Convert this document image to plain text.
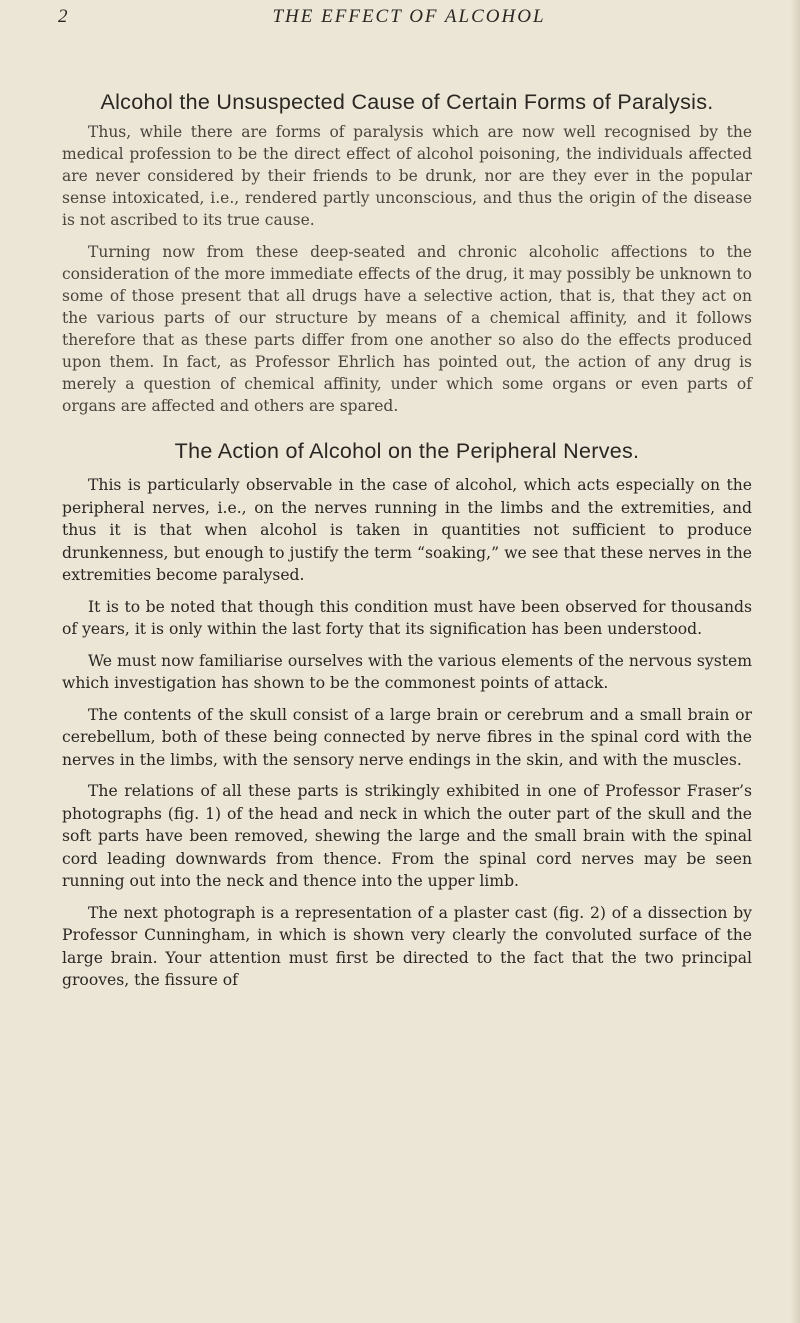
2	THE EFFECT OF ALCOHOL
Alcohol the Unsuspected Cause of Certain Forms of Paralysis.

Thus, while there are forms of paralysis which are now well recognised by the medical profession to be the direct effect of alcohol poisoning, the individuals affected are never considered by their friends to be drunk, nor are they ever in the popular sense intoxicated, i.e., rendered partly unconscious, and thus the origin of the disease is not ascribed to its true cause.

Turning now from these deep-seated and chronic alcoholic affections to the consideration of the more immediate effects of the drug, it may possibly be unknown to some of those present that all drugs have a selective action, that is, that they act on the various parts of our structure by means of a chemical affinity, and it follows therefore that as these parts differ from one another so also do the effects produced upon them. In fact, as Professor Ehrlich has pointed out, the action of any drug is merely a question of chemical affinity, under which some organs or even parts of organs are affected and others are spared.

The Action of Alcohol on the Peripheral Nerves.

This is particularly observable in the case of alcohol, which acts especially on the peripheral nerves, i.e., on the nerves running in the limbs and the extremities, and thus it is that when alcohol is taken in quantities not sufficient to produce drunkenness, but enough to justify the term “soaking,” we see that these nerves in the extremities become paralysed.

It is to be noted that though this condition must have been observed for thousands of years, it is only within the last forty that its signification has been understood.

We must now familiarise ourselves with the various elements of the nervous system which investigation has shown to be the commonest points of attack.

The contents of the skull consist of a large brain or cerebrum and a small brain or cerebellum, both of these being connected by nerve fibres in the spinal cord with the nerves in the limbs, with the sensory nerve endings in the skin, and with the muscles.

The relations of all these parts is strikingly exhibited in one of Professor Fraser’s photographs (fig. 1) of the head and neck in which the outer part of the skull and the soft parts have been removed, shewing the large and the small brain with the spinal cord leading downwards from thence. From the spinal cord nerves may be seen running out into the neck and thence into the upper limb.

The next photograph is a representation of a plaster cast (fig. 2) of a dissection by Professor Cunningham, in which is shown very clearly the convoluted surface of the large brain. Your attention must first be directed to the fact that the two principal grooves, the fissure of
